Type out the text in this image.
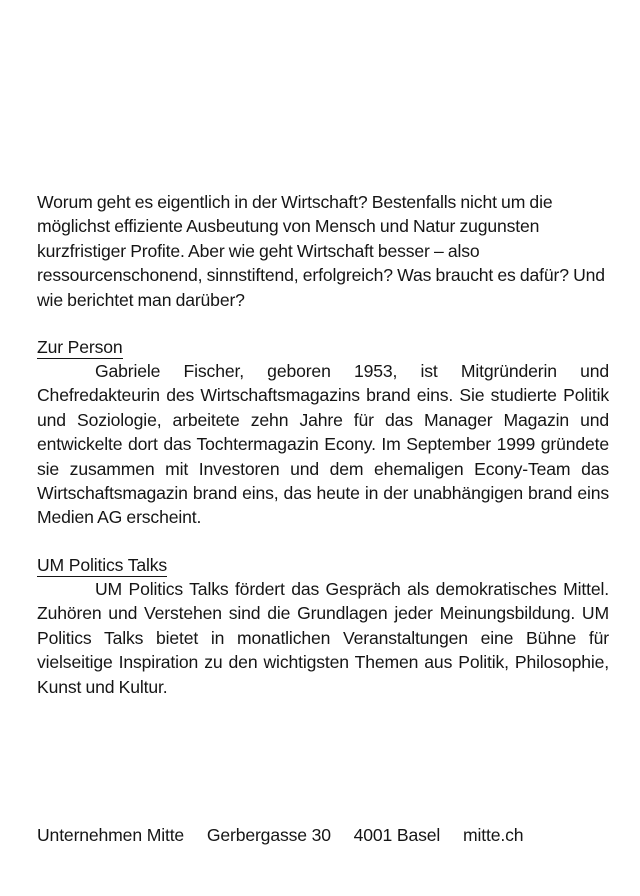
Worum geht es eigentlich in der Wirtschaft? Bestenfalls nicht um die möglichst effiziente Ausbeutung von Mensch und Natur zugunsten kurzfristiger Profite. Aber wie geht Wirtschaft besser – also ressourcenschonend, sinnstiftend, erfolgreich? Was braucht es dafür? Und wie berichtet man darüber?

Zur Person

Gabriele Fischer, geboren 1953, ist Mitgründerin und Chefredakteurin des Wirtschaftsmagazins brand eins. Sie studierte Politik und Soziologie, arbeitete zehn Jahre für das Manager Magazin und entwickelte dort das Tochtermagazin Econy. Im September 1999 gründete sie zusammen mit Investoren und dem ehemaligen Econy-Team das Wirtschaftsmagazin brand eins, das heute in der unabhängigen brand eins Medien AG erscheint.

UM Politics Talks

UM Politics Talks fördert das Gespräch als demokratisches Mittel. Zuhören und Verstehen sind die Grundlagen jeder Meinungsbildung. UM Politics Talks bietet in monatlichen Veranstaltungen eine Bühne für vielseitige Inspiration zu den wichtigsten Themen aus Politik, Philosophie, Kunst und Kultur.

Unternehmen Mitte Gerbergasse 30 4001 Basel mitte.ch
